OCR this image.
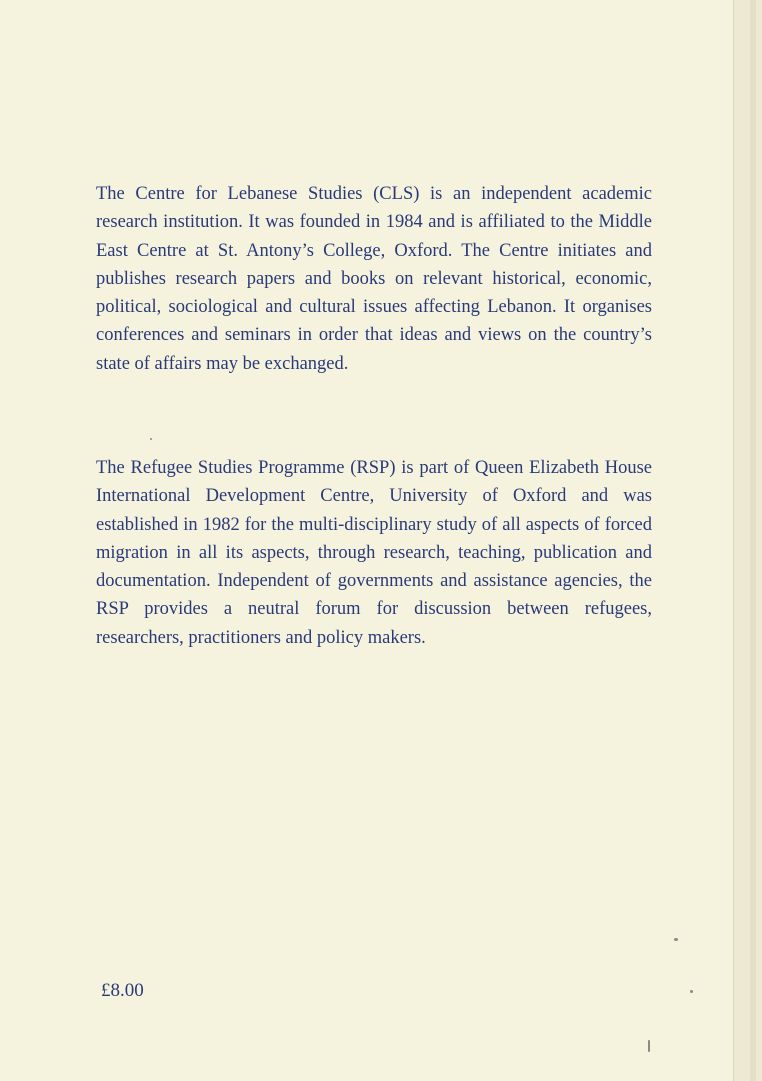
The Centre for Lebanese Studies (CLS) is an independent academic research institution. It was founded in 1984 and is affiliated to the Middle East Centre at St. Antony’s College, Oxford. The Centre initiates and publishes research papers and books on relevant historical, economic, political, sociological and cultural issues affecting Lebanon. It organises conferences and seminars in order that ideas and views on the country’s state of affairs may be exchanged.

The Refugee Studies Programme (RSP) is part of Queen Elizabeth House International Development Centre, University of Oxford and was established in 1982 for the multi-disciplinary study of all aspects of forced migration in all its aspects, through research, teaching, publication and documentation. Independent of governments and assistance agencies, the RSP provides a neutral forum for discussion between refugees, researchers, practitioners and policy makers.

£8.00
